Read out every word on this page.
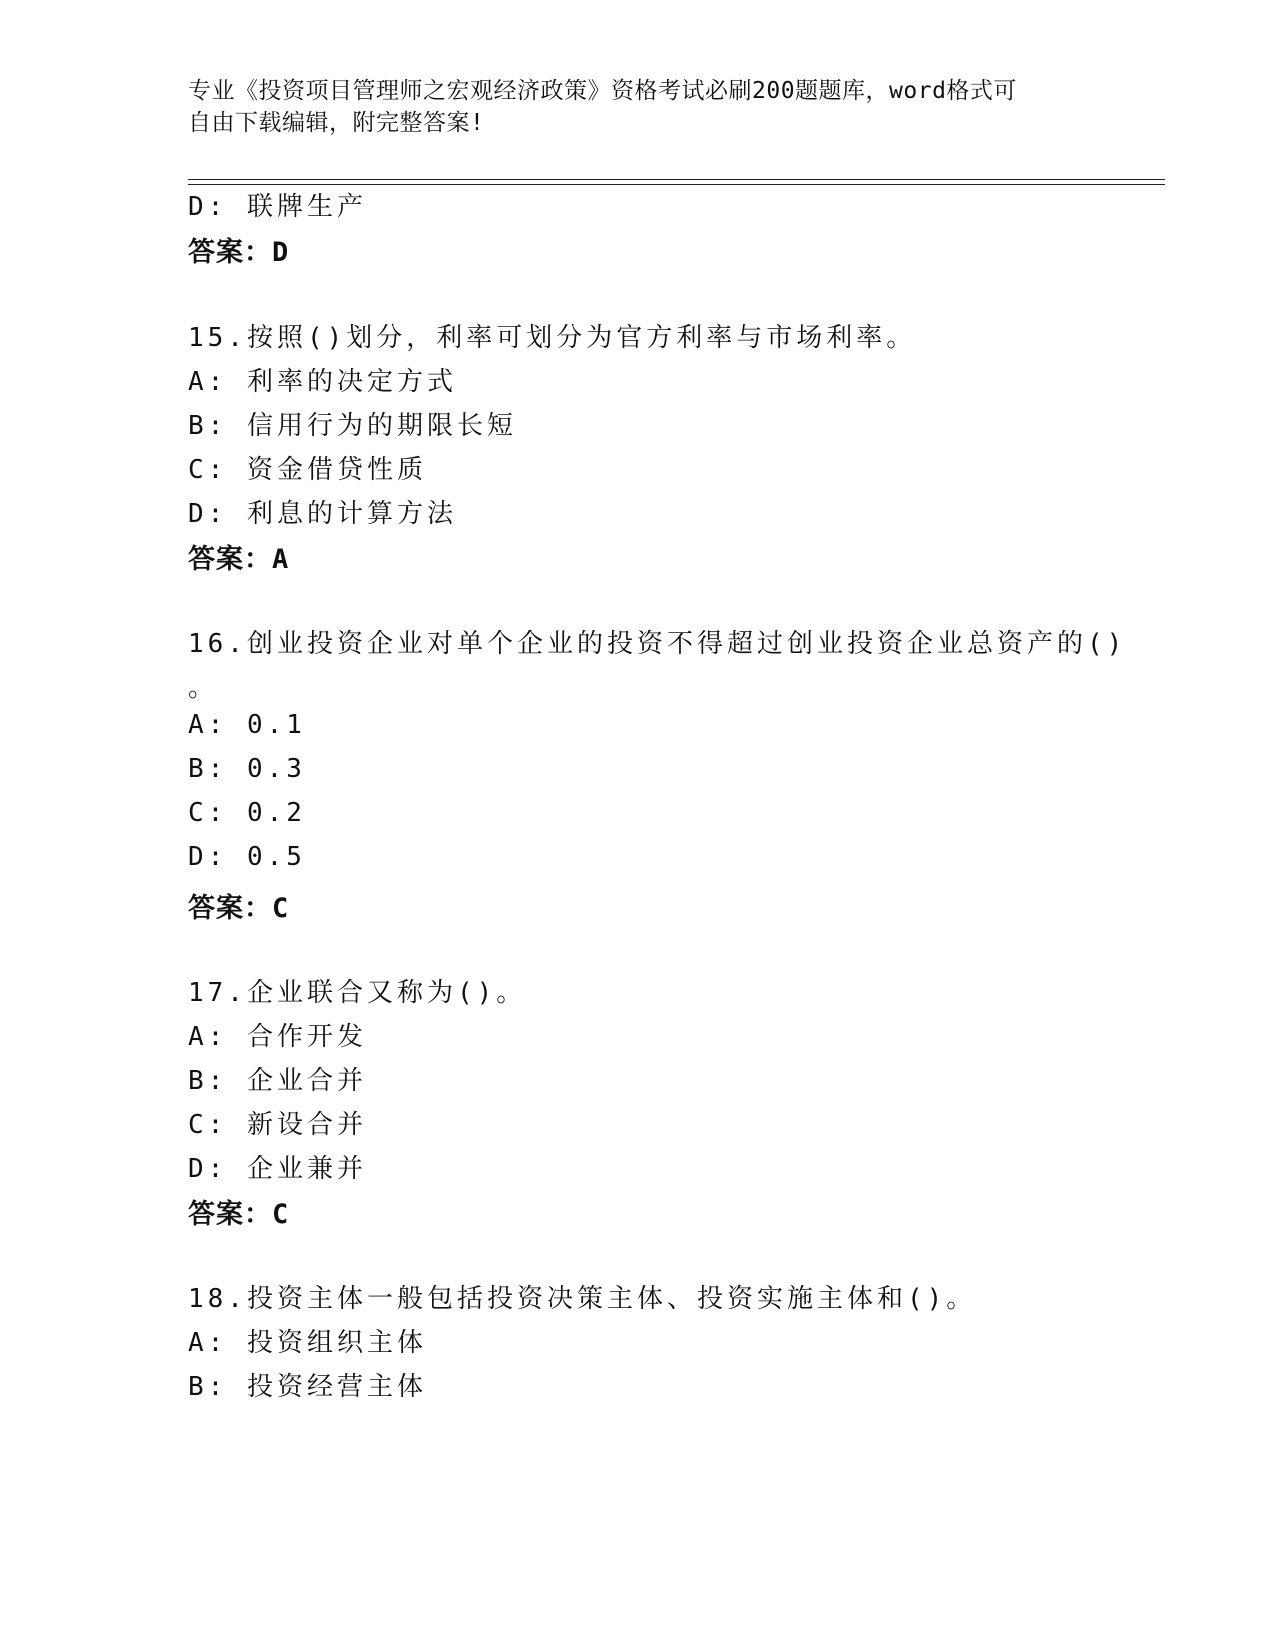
专业《投资项目管理师之宏观经济政策》资格考试必刷200题题库，word格式可
自由下载编辑，附完整答案!
D: 联牌生产
答案：D
15.按照()划分，利率可划分为官方利率与市场利率。
A: 利率的决定方式
B: 信用行为的期限长短
C: 资金借贷性质
D: 利息的计算方法
答案：A
16.创业投资企业对单个企业的投资不得超过创业投资企业总资产的()
。
A: 0.1
B: 0.3
C: 0.2
D: 0.5
答案：C
17.企业联合又称为()。
A: 合作开发
B: 企业合并
C: 新设合并
D: 企业兼并
答案：C
18.投资主体一般包括投资决策主体、投资实施主体和()。
A: 投资组织主体
B: 投资经营主体
